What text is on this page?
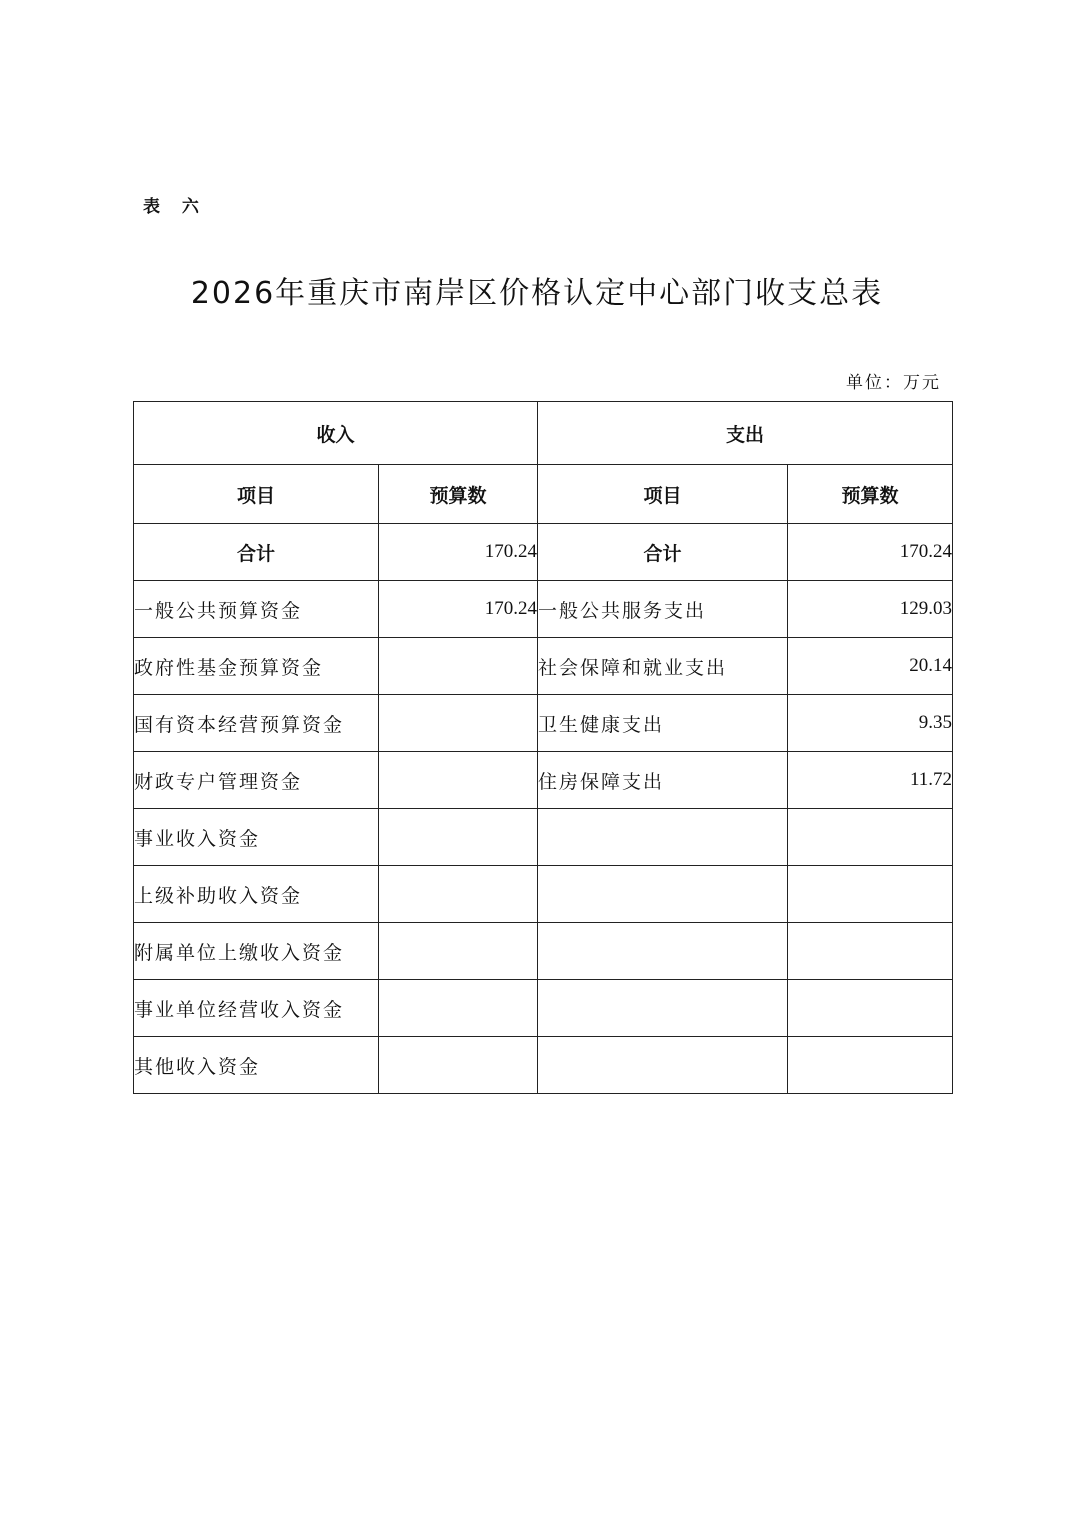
表 六
2026年重庆市南岸区价格认定中心部门收支总表
单位：万元
收入		支出	
项目	预算数	项目	预算数
合计	170.24	合计	170.24
一般公共预算资金	170.24	一般公共服务支出	129.03
政府性基金预算资金		社会保障和就业支出	20.14
国有资本经营预算资金		卫生健康支出	9.35
财政专户管理资金		住房保障支出	11.72
事业收入资金			
上级补助收入资金			
附属单位上缴收入资金			
事业单位经营收入资金			
其他收入资金			
